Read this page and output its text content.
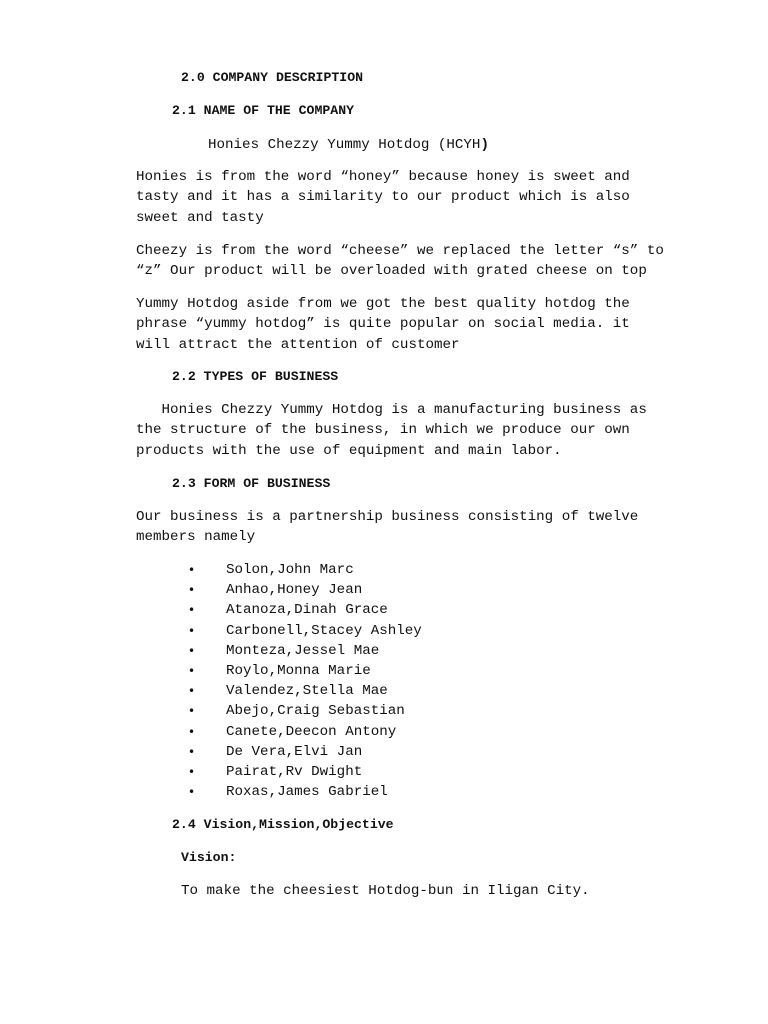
2.0 COMPANY DESCRIPTION

2.1 NAME OF THE COMPANY

Honies Chezzy Yummy Hotdog (HCYH)

Honies is from the word “honey” because honey is sweet and
tasty and it has a similarity to our product which is also
sweet and tasty

Cheezy is from the word “cheese” we replaced the letter “s” to
“z” Our product will be overloaded with grated cheese on top

Yummy Hotdog aside from we got the best quality hotdog the
phrase “yummy hotdog” is quite popular on social media. it
will attract the attention of customer

2.2 TYPES OF BUSINESS

Honies Chezzy Yummy Hotdog is a manufacturing business as
the structure of the business, in which we produce our own
products with the use of equipment and main labor.

2.3 FORM OF BUSINESS

Our business is a partnership business consisting of twelve
members namely

• Solon,John Marc
• Anhao,Honey Jean
• Atanoza,Dinah Grace
• Carbonell,Stacey Ashley
• Monteza,Jessel Mae
• Roylo,Monna Marie
• Valendez,Stella Mae
• Abejo,Craig Sebastian
• Canete,Deecon Antony
• De Vera,Elvi Jan
• Pairat,Rv Dwight
• Roxas,James Gabriel

2.4 Vision,Mission,Objective

Vision:

To make the cheesiest Hotdog-bun in Iligan City.
